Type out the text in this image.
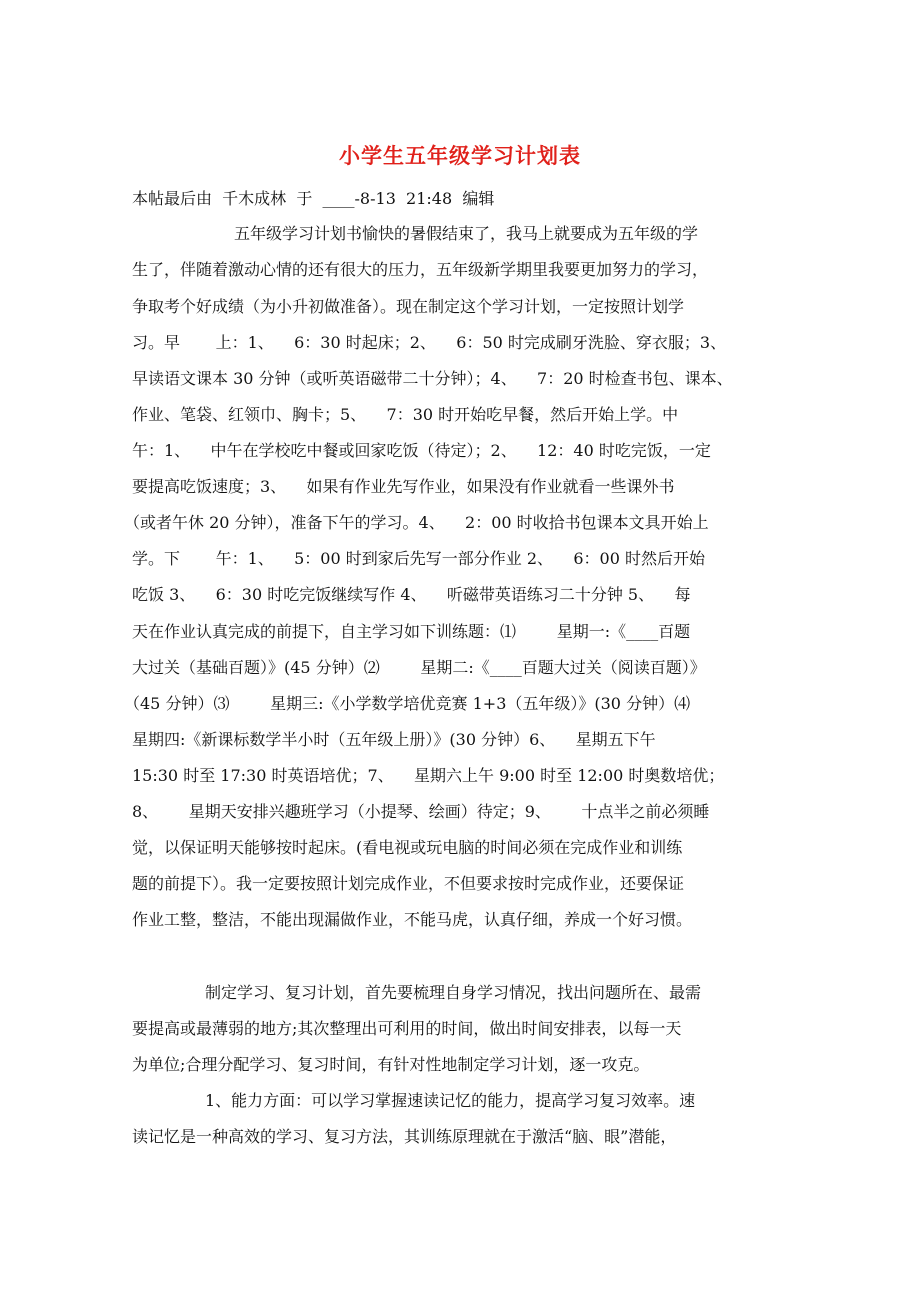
小学生五年级学习计划表
本帖最后由  千木成林  于  ____-8-13  21:48  编辑
五年级学习计划书愉快的暑假结束了，我马上就要成为五年级的学
生了，伴随着激动心情的还有很大的压力，五年级新学期里我要更加努力的学习，
争取考个好成绩（为小升初做准备）。现在制定这个学习计划，一定按照计划学
习。早       上：1、    6：30 时起床；2、    6：50 时完成刷牙洗脸、穿衣服；3、
早读语文课本 30 分钟（或听英语磁带二十分钟）；4、    7：20 时检查书包、课本、
作业、笔袋、红领巾、胸卡；5、    7：30 时开始吃早餐，然后开始上学。中
午：1、    中午在学校吃中餐或回家吃饭（待定）；2、    12：40 时吃完饭，一定
要提高吃饭速度；3、    如果有作业先写作业，如果没有作业就看一些课外书
（或者午休 20 分钟），准备下午的学习。4、    2：00 时收拾书包课本文具开始上
学。下       午：1、    5：00 时到家后先写一部分作业 2、    6：00 时然后开始
吃饭 3、    6：30 时吃完饭继续写作 4、    听磁带英语练习二十分钟 5、    每
天在作业认真完成的前提下，自主学习如下训练题：⑴        星期一:《____百题
大过关（基础百题）》(45 分钟）⑵        星期二:《____百题大过关（阅读百题）》
（45 分钟）⑶        星期三:《小学数学培优竞赛 1+3（五年级）》(30 分钟）⑷
星期四:《新课标数学半小时（五年级上册）》(30 分钟）6、    星期五下午
15:30 时至 17:30 时英语培优；7、    星期六上午 9:00 时至 12:00 时奥数培优；
8、      星期天安排兴趣班学习（小提琴、绘画）待定；9、      十点半之前必须睡
觉，以保证明天能够按时起床。(看电视或玩电脑的时间必须在完成作业和训练
题的前提下）。我一定要按照计划完成作业，不但要求按时完成作业，还要保证
作业工整，整洁，不能出现漏做作业，不能马虎，认真仔细，养成一个好习惯。
制定学习、复习计划，首先要梳理自身学习情况，找出问题所在、最需
要提高或最薄弱的地方;其次整理出可利用的时间，做出时间安排表，以每一天
为单位;合理分配学习、复习时间，有针对性地制定学习计划，逐一攻克。
1、能力方面：可以学习掌握速读记忆的能力，提高学习复习效率。速
读记忆是一种高效的学习、复习方法，其训练原理就在于激活“脑、眼”潜能，
